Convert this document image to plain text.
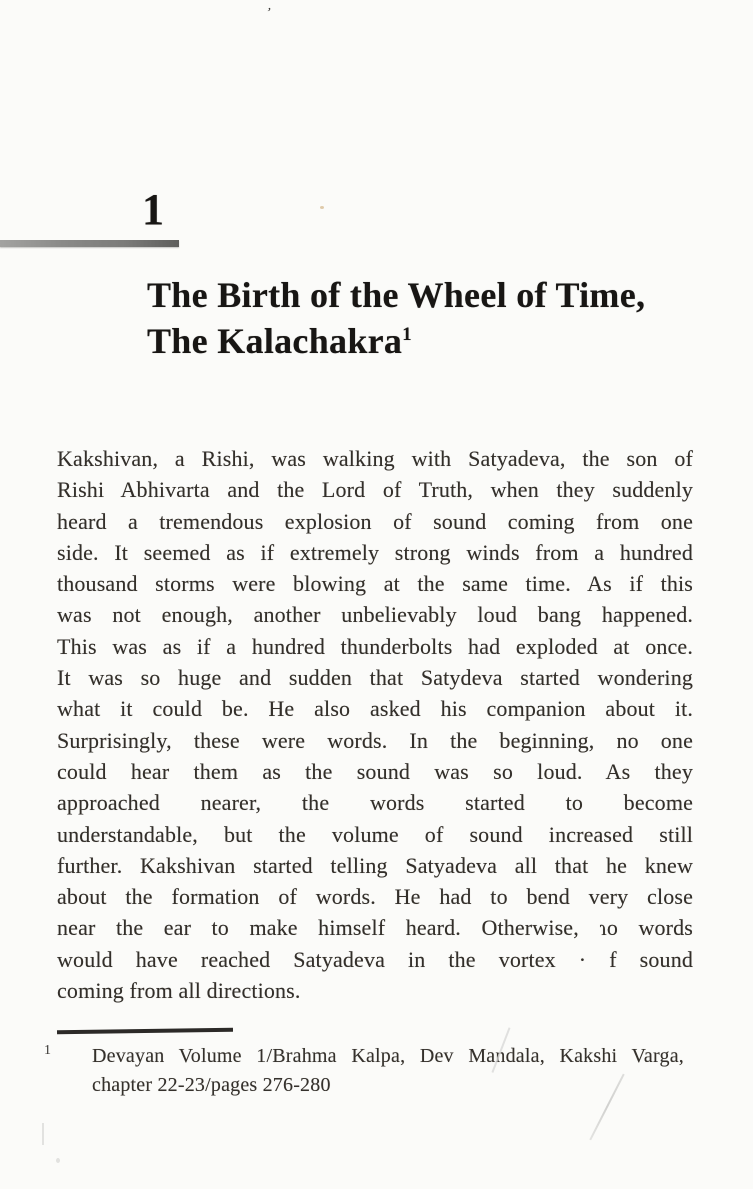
’
1
The Birth of the Wheel of Time,
The Kalachakra$^1$
Kakshivan, a Rishi, was walking with Satyadeva, the son of
Rishi Abhivarta and the Lord of Truth, when they suddenly
heard a tremendous explosion of sound coming from one
side. It seemed as if extremely strong winds from a hundred
thousand storms were blowing at the same time. As if this
was not enough, another unbelievably loud bang happened.
This was as if a hundred thunderbolts had exploded at once.
It was so huge and sudden that Satydeva started wondering
what it could be. He also asked his companion about it.
Surprisingly, these were words. In the beginning, no one
could hear them as the sound was so loud. As they
approached nearer, the words started to become
understandable, but the volume of sound increased still
further. Kakshivan started telling Satyadeva all that he knew
about the formation of words. He had to bend very close
near the ear to make himself heard. Otherwise, ɿo words
would have reached Satyadeva in the vortex · f sound
coming from all directions.
1 Devayan Volume 1/Brahma Kalpa, Dev Mandala, Kakshi Varga,
chapter 22-23/pages 276-280
